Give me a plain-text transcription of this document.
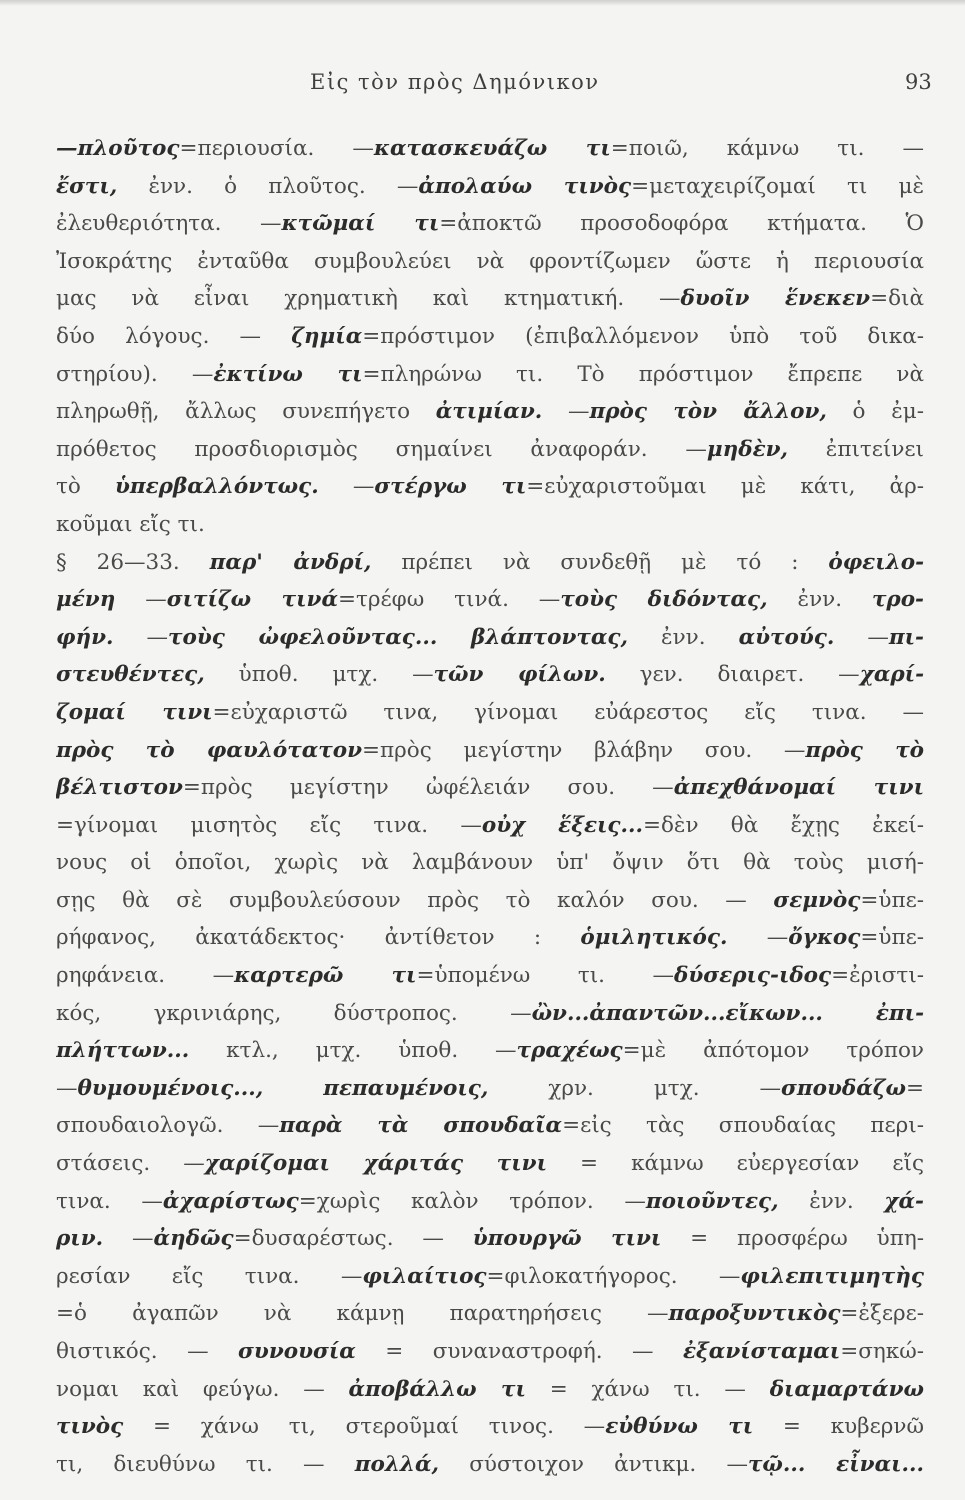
Εἰς τὸν πρὸς Δημόνικον	93
—πλοῦτος=περιουσία. —κατασκευάζω τι=ποιῶ, κάμνω τι. —
ἔστι, ἐνν. ὁ πλοῦτος. —ἀπολαύω τινὸς=μεταχειρίζομαί τι μὲ
ἐλευθεριότητα. —κτῶμαί τι=ἀποκτῶ προσοδοφόρα κτήματα. Ὁ
Ἰσοκράτης ἐνταῦθα συμβουλεύει νὰ φροντίζωμεν ὥστε ἡ περιουσία
μας νὰ εἶναι χρηματικὴ καὶ κτηματική. —δυοῖν ἕνεκεν=διὰ
δύο λόγους. — ζημία=πρόστιμον (ἐπιβαλλόμενον ὑπὸ τοῦ δικα-
στηρίου). —ἐκτίνω τι=πληρώνω τι. Τὸ πρόστιμον ἔπρεπε νὰ
πληρωθῇ, ἄλλως συνεπήγετο ἀτιμίαν. —πρὸς τὸν ἄλλον, ὁ ἐμ-
πρόθετος προσδιορισμὸς σημαίνει ἀναφοράν. —μηδὲν, ἐπιτείνει
τὸ ὑπερβαλλόντως. —στέργω τι=εὐχαριστοῦμαι μὲ κάτι, ἀρ-
κοῦμαι εἴς τι.
§ 26—33. παρ' ἀνδρί, πρέπει νὰ συνδεθῇ μὲ τό : ὀφειλο-
μένη —σιτίζω τινά=τρέφω τινά. —τοὺς διδόντας, ἐνν. τρο-
φήν. —τοὺς ὠφελοῦντας... βλάπτοντας, ἐνν. αὐτούς. —πι-
στευθέντες, ὑποθ. μτχ. —τῶν φίλων. γεν. διαιρετ. —χαρί-
ζομαί τινι=εὐχαριστῶ τινα, γίνομαι εὐάρεστος εἴς τινα. —
πρὸς τὸ φαυλότατον=πρὸς μεγίστην βλάβην σου. —πρὸς τὸ
βέλτιστον=πρὸς μεγίστην ὠφέλειάν σου. —ἀπεχθάνομαί τινι
=γίνομαι μισητὸς εἴς τινα. —οὐχ ἕξεις...=δὲν θὰ ἔχῃς ἐκεί-
νους οἱ ὁποῖοι, χωρὶς νὰ λαμβάνουν ὑπ' ὄψιν ὅτι θὰ τοὺς μισή-
σῃς θὰ σὲ συμβουλεύσουν πρὸς τὸ καλόν σου. — σεμνὸς=ὑπε-
ρήφανος, ἀκατάδεκτος· ἀντίθετον : ὁμιλητικός. —ὄγκος=ὑπε-
ρηφάνεια. —καρτερῶ τι=ὑπομένω τι. —δύσερις-ιδος=ἐριστι-
κός, γκρινιάρης, δύστροπος. —ὢν...ἀπαντῶν...εἴκων... ἐπι-
πλήττων... κτλ., μτχ. ὑποθ. —τραχέως=μὲ ἀπότομον τρόπον
—θυμουμένοις...,	πεπαυμένοις, χρν. μτχ. —σπουδάζω=
σπουδαιολογῶ. —παρὰ τὰ σπουδαῖα=εἰς τὰς σπουδαίας περι-
στάσεις. —χαρίζομαι χάριτάς τινι = κάμνω εὐεργεσίαν εἴς
τινα. —ἀχαρίστως=χωρὶς καλὸν τρόπον. —ποιοῦντες, ἐνν. χά-
ριν. —ἀηδῶς=δυσαρέστως. — ὑπουργῶ τινι = προσφέρω ὑπη-
ρεσίαν εἴς τινα. —φιλαίτιος=φιλοκατήγορος. —φιλεπιτιμητὴς
=ὁ ἀγαπῶν νὰ κάμνῃ παρατηρήσεις —παροξυντικὸς=ἐξερε-
θιστικός. — συνουσία = συναναστροφή. — ἐξανίσταμαι=σηκώ-
νομαι καὶ φεύγω. — ἀποβάλλω τι = χάνω τι. — διαμαρτάνω
τινὸς = χάνω τι, στεροῦμαί τινος. —εὐθύνω τι = κυβερνῶ
τι, διευθύνω τι. — πολλά, σύστοιχον ἀντικμ. —τῷ... εἶναι...
